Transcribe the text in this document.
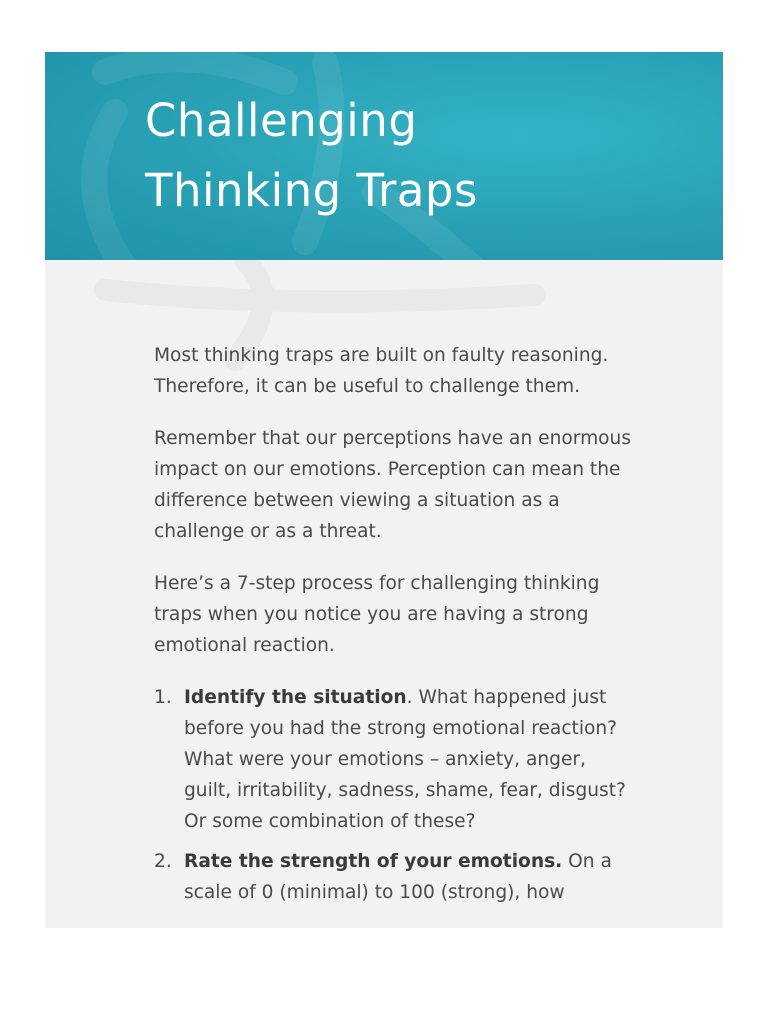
Challenging
Thinking Traps

Most thinking traps are built on faulty reasoning. Therefore, it can be useful to challenge them.

Remember that our perceptions have an enormous impact on our emotions. Perception can mean the difference between viewing a situation as a challenge or as a threat.

Here’s a 7-step process for challenging thinking traps when you notice you are having a strong emotional reaction.

1. Identify the situation. What happened just before you had the strong emotional reaction? What were your emotions – anxiety, anger, guilt, irritability, sadness, shame, fear, disgust? Or some combination of these?
2. Rate the strength of your emotions. On a scale of 0 (minimal) to 100 (strong), how
